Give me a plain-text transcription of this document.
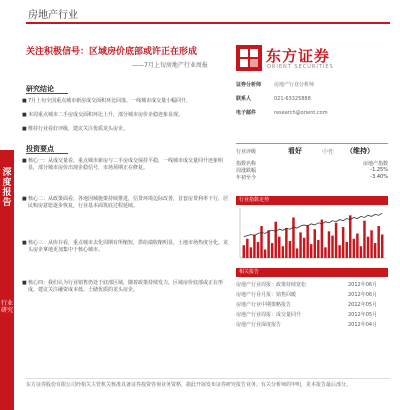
深度报告
行业研究
房地产行业
关注积极信号：区域房价底部或许正在形成
——7月上旬房地产行业周报
东方证券
ORIENT SECURITIES
研究结论
■ 7月上旬全国重点城市新房成交面积环比回落，一线城市成交量小幅回升。
■ 本周重点城市二手房成交面积环比上升，部分城市房价企稳迹象显现。
■ 维持行业看好评级，建议关注优质龙头房企。
投资要点
■ 核心一：从成交量看，重点城市新房与二手房成交保持平稳，一线城市成交量回升迹象明显，部分城市房价出现企稳信号，市场预期正在修复。
■ 核心二：从政策面看，各地因城施策持续推进，信贷环境边际改善，首套房贷利率下行，居民购房意愿逐步恢复，行业基本面筑底过程延续。
■ 核心三：从库存看，重点城市去化周期有所缩短，供给端收缩明显，土地市场热度分化，龙头房企拿地更加集中于核心城市。
■ 核心四：我们认为行业销售仍处于底部区域，随着政策持续发力，区域房价底部或正在形成，建议关注融资成本低、土储优质的龙头房企。
证券分析师	房地产行业分析师
联系人	021-63325888
电子邮件	research@orient.com
行业评级	看好	中性 （维持）
指数名称	房地产指数
周涨跌幅	-1.25%
年初至今	-3.40%
行业指数走势
相关报告
房地产行业周报：政策持续宽松	2012年06月
房地产行业月报：销售回暖	2012年06月
房地产行业中期策略报告	2012年05月
房地产行业周报：成交量回升	2012年05月
房地产行业深度报告	2012年04月
东方证券股份有限公司经相关主管机关核准具备证券投资咨询业务资格，据此开展发布证券研究报告业务。有关分析师的申明，见本报告最后部分。
